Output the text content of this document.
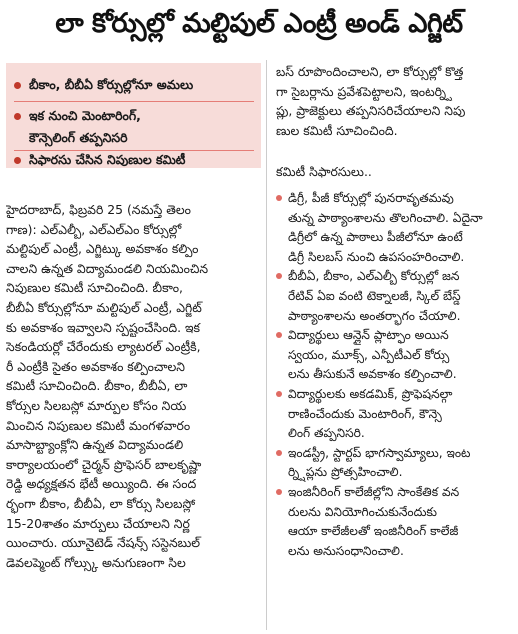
లా కోర్సుల్లో మల్టిపుల్ ఎంట్రీ అండ్ ఎగ్జిట్
బీకాం, బీబీఏ కోర్సుల్లోనూ అమలు
ఇక నుంచి మెంటారింగ్,
కౌన్సెలింగ్ తప్పనిసరి
సిఫారసు చేసిన నిపుణుల కమిటీ
హైదరాబాద్, ఫిబ్రవరి 25 (నమస్తే తెలం
గాణ): ఎల్ఎల్బీ, ఎల్ఎల్ఎం కోర్సుల్లో
మల్టిపుల్ ఎంట్రీ, ఎగ్జిట్కు అవకాశం కల్పిం
చాలని ఉన్నత విద్యామండలి నియమించిన
నిపుణుల కమిటీ సూచించింది. బీకాం,
బీబీఏ కోర్సుల్లోనూ మల్టిపుల్ ఎంట్రీ, ఎగ్జిట్
కు అవకాశం ఇవ్వాలని స్పష్టంచేసింది. ఇక
సెకండియర్లో చేరేందుకు ల్యాటరల్ ఎంట్రీకి,
రీ ఎంట్రీకి సైతం అవకాశం కల్పించాలని
కమిటీ సూచించింది. బీకాం, బీబీఏ, లా
కోర్సుల సిలబస్లో మార్పుల కోసం నియ
మించిన నిపుణుల కమిటీ మంగళవారం
మాసాబ్ట్యాంక్లోని ఉన్నత విద్యామండలి
కార్యాలయంలో చైర్మన్ ప్రొఫెసర్ బాలకృష్ణా
రెడ్డి అధ్యక్షతన భేటీ అయ్యింది. ఈ సంద
ర్భంగా బీకాం, బీబీఏ, లా కోర్సు సిలబస్లో
15-20శాతం మార్పులు చేయాలని నిర్ణ
యించారు. యూనైటెడ్ నేషన్స్ సస్టెనబుల్
డెవలప్మెంట్ గోల్స్కు అనుగుణంగా సిల
బస్ రూపొందించాలని, లా కోర్సుల్లో కొత్త
గా సైబర్లాను ప్రవేశపెట్టాలని, ఇంటర్న్షి
ప్లు, ప్రాజెక్టులు తప్పనిసరిచేయాలని నిపు
ణుల కమిటీ సూచించింది.
కమిటీ సిఫారసులు..
డిగ్రీ, పీజీ కోర్సుల్లో పునరావృతమవు
తున్న పాఠ్యాంశాలను తొలగించాలి. ఏదైనా
డిగ్రీలో ఉన్న పాఠాలు పీజీలోనూ ఉంటే
డిగ్రీ సిలబస్ నుంచి ఉపసంహరించాలి.
బీబీఏ, బీకాం, ఎల్ఎల్బీ కోర్సుల్లో జన
రేటివ్ ఏఐ వంటి టెక్నాలజీ, స్కిల్ బేస్డ్
పాఠ్యాంశాలను అంతర్భాగం చేయాలి.
విద్యార్థులు ఆన్లైన్ ప్లాట్ఫాం అయిన
స్వయం, మూక్స్, ఎన్పీటీఎల్ కోర్సు
లను తీసుకునే అవకాశం కల్పించాలి.
విద్యార్థులకు అకడమిక్, ప్రొఫెషనల్గా
రాణించేందుకు మెంటారింగ్, కౌన్సె
లింగ్ తప్పనిసరి.
ఇండస్ట్రీ, స్టార్టప్ భాగస్వామ్యాలు, ఇంట
ర్న్షిప్లను ప్రోత్సహించాలి.
ఇంజినీరింగ్ కాలేజీల్లోని సాంకేతిక వన
రులను వినియోగించుకునేందుకు
ఆయా కాలేజీలతో ఇంజినీరింగ్ కాలేజీ
లను అనుసంధానించాలి.
